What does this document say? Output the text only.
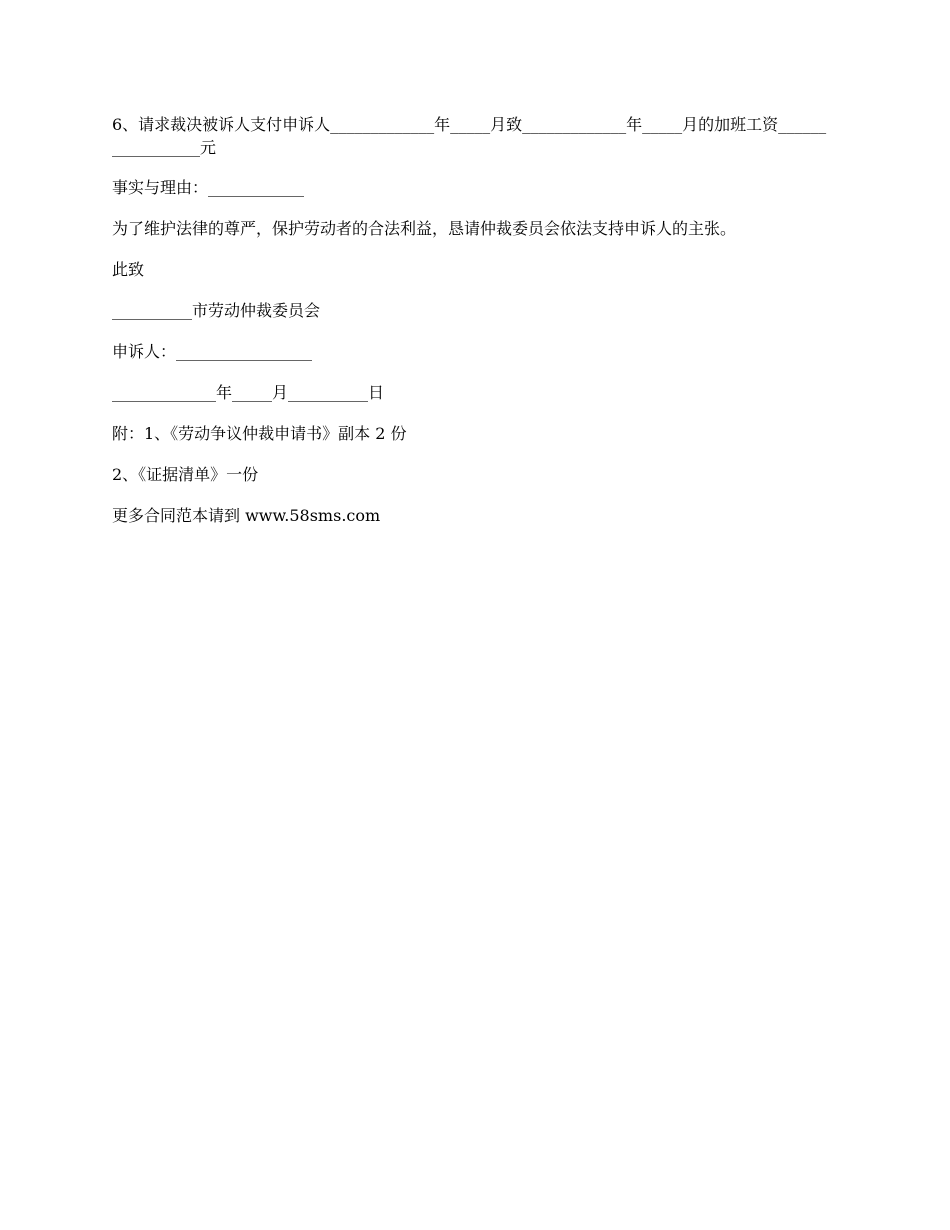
6、请求裁决被诉人支付申诉人_____________年_____月致_____________年_____月的加班工资_________________元

事实与理由：____________

为了维护法律的尊严，保护劳动者的合法利益，恳请仲裁委员会依法支持申诉人的主张。

此致

__________市劳动仲裁委员会

申诉人：_________________

_____________年_____月__________日

附：1、《劳动争议仲裁申请书》副本 2 份

2、《证据清单》一份

更多合同范本请到 www.58sms.com
